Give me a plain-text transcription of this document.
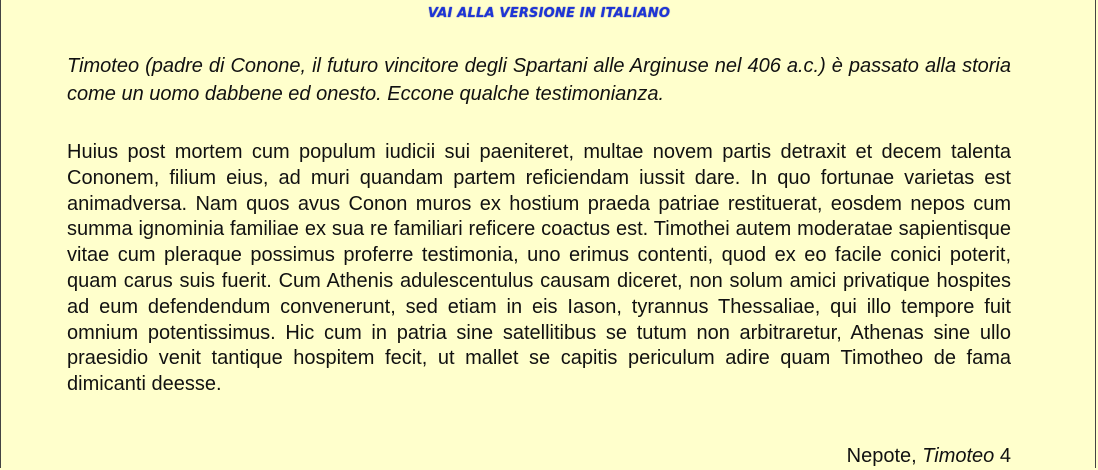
VAI ALLA VERSIONE IN ITALIANO

Timoteo (padre di Conone, il futuro vincitore degli Spartani alle Arginuse nel 406 a.c.) è passato alla storia come un uomo dabbene ed onesto. Eccone qualche testimonianza.

Huius post mortem cum populum iudicii sui paeniteret, multae novem partis detraxit et decem talenta Cononem, filium eius, ad muri quandam partem reficiendam iussit dare. In quo fortunae varietas est animadversa. Nam quos avus Conon muros ex hostium praeda patriae restituerat, eosdem nepos cum summa ignominia familiae ex sua re familiari reficere coactus est. Timothei autem moderatae sapientisque vitae cum pleraque possimus proferre testimonia, uno erimus contenti, quod ex eo facile conici poterit, quam carus suis fuerit. Cum Athenis adulescentulus causam diceret, non solum amici privatique hospites ad eum defendendum convenerunt, sed etiam in eis Iason, tyrannus Thessaliae, qui illo tempore fuit omnium potentissimus. Hic cum in patria sine satellitibus se tutum non arbitraretur, Athenas sine ullo praesidio venit tantique hospitem fecit, ut mallet se capitis periculum adire quam Timotheo de fama dimicanti deesse.

Nepote, Timoteo 4
